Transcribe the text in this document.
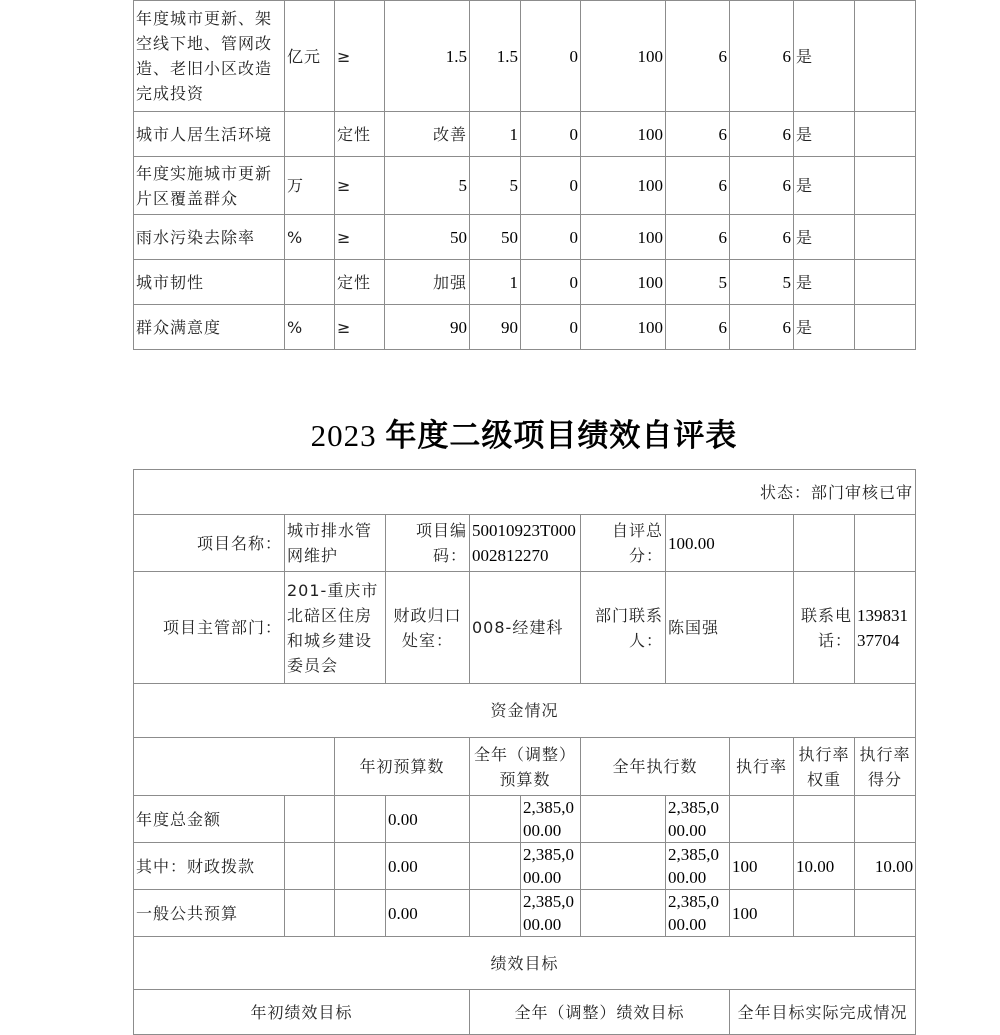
年度城市更新、架空线下地、管网改造、老旧小区改造完成投资	亿元	≥	1.5	1.5	0	100	6	6	是	
城市人居生活环境		定性	改善	1	0	100	6	6	是	
年度实施城市更新片区覆盖群众	万	≥	5	5	0	100	6	6	是	
雨水污染去除率	%	≥	50	50	0	100	6	6	是	
城市韧性		定性	加强	1	0	100	5	5	是	
群众满意度	%	≥	90	90	0	100	6	6	是	
2023 年度二级项目绩效自评表
状态：部门审核已审										
项目名称：	城市排水管网维护		项目编码：	50010923T000002812270		自评总分：	100.00			
项目主管部门：	201-重庆市北碚区住房和城乡建设委员会		财政归口处室：	008-经建科		部门联系人：	陈国强		联系电话：	13983137704
资金情况										
		年初预算数		全年（调整）预算数		全年执行数		执行率	执行率权重	执行率得分
年度总金额			0.00		2,385,000.00		2,385,000.00			
其中：财政拨款			0.00		2,385,000.00		2,385,000.00	100	10.00	10.00
一般公共预算			0.00		2,385,000.00		2,385,000.00	100		
绩效目标										
年初绩效目标				全年（调整）绩效目标				全年目标实际完成情况		
